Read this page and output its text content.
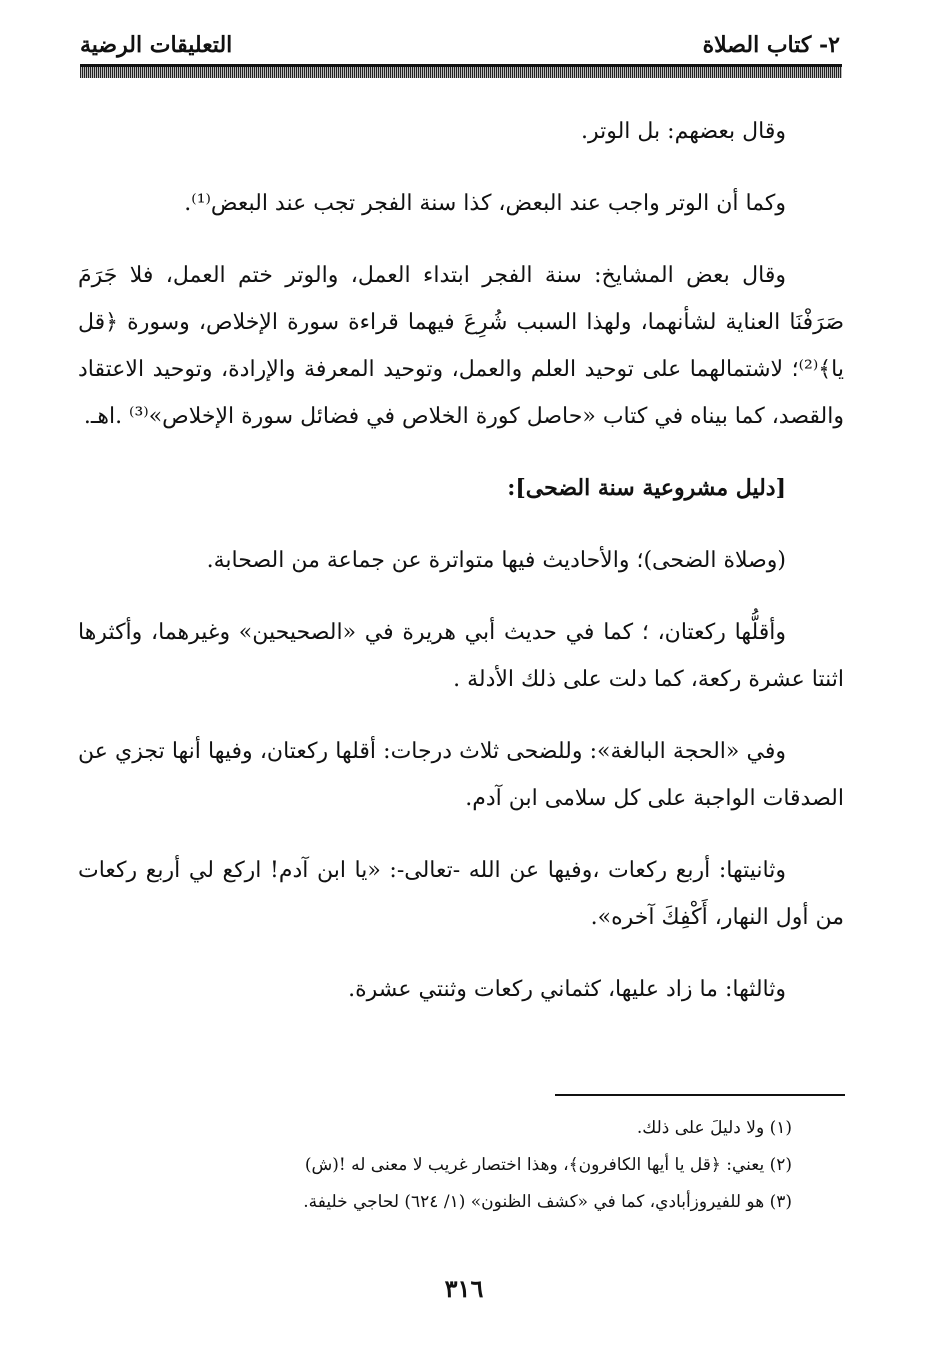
٢- كتاب الصلاة
التعليقات الرضية

وقال بعضهم: بل الوتر.

وكما أن الوتر واجب عند البعض، كذا سنة الفجر تجب عند البعض⁽¹⁾.

وقال بعض المشايخ: سنة الفجر ابتداء العمل، والوتر ختم العمل، فلا جَرَمَ صَرَفْنَا العناية لشأنهما، ولهذا السبب شُرِعَ فيهما قراءة سورة الإخلاص، وسورة ﴿قل يا﴾⁽²⁾؛ لاشتمالهما على توحيد العلم والعمل، وتوحيد المعرفة والإرادة، وتوحيد الاعتقاد والقصد، كما بيناه في كتاب «حاصل كورة الخلاص في فضائل سورة الإخلاص»⁽³⁾ .اهـ.

[دليل مشروعية سنة الضحى]:

(وصلاة الضحى)؛ والأحاديث فيها متواترة عن جماعة من الصحابة.

وأقلُّها ركعتان، ؛ كما في حديث أبي هريرة في «الصحيحين» وغيرهما، وأكثرها اثنتا عشرة ركعة، كما دلت على ذلك الأدلة .

وفي «الحجة البالغة»: وللضحى ثلاث درجات: أقلها ركعتان، وفيها أنها تجزي عن الصدقات الواجبة على كل سلامى ابن آدم.

وثانيتها: أربع ركعات ،وفيها عن الله -تعالى-: «يا ابن آدم! اركع لي أربع ركعات من أول النهار، أَكْفِكَ آخره».

وثالثها: ما زاد عليها، كثماني ركعات وثنتي عشرة.

(١) ولا دليلَ على ذلك.

(٢) يعني: ﴿قل يا أيها الكافرون﴾، وهذا اختصار غريب لا معنى له !(ش)

(٣) هو للفيروزأبادي، كما في «كشف الظنون» (١/ ٦٢٤) لحاجي خليفة.

٣١٦
